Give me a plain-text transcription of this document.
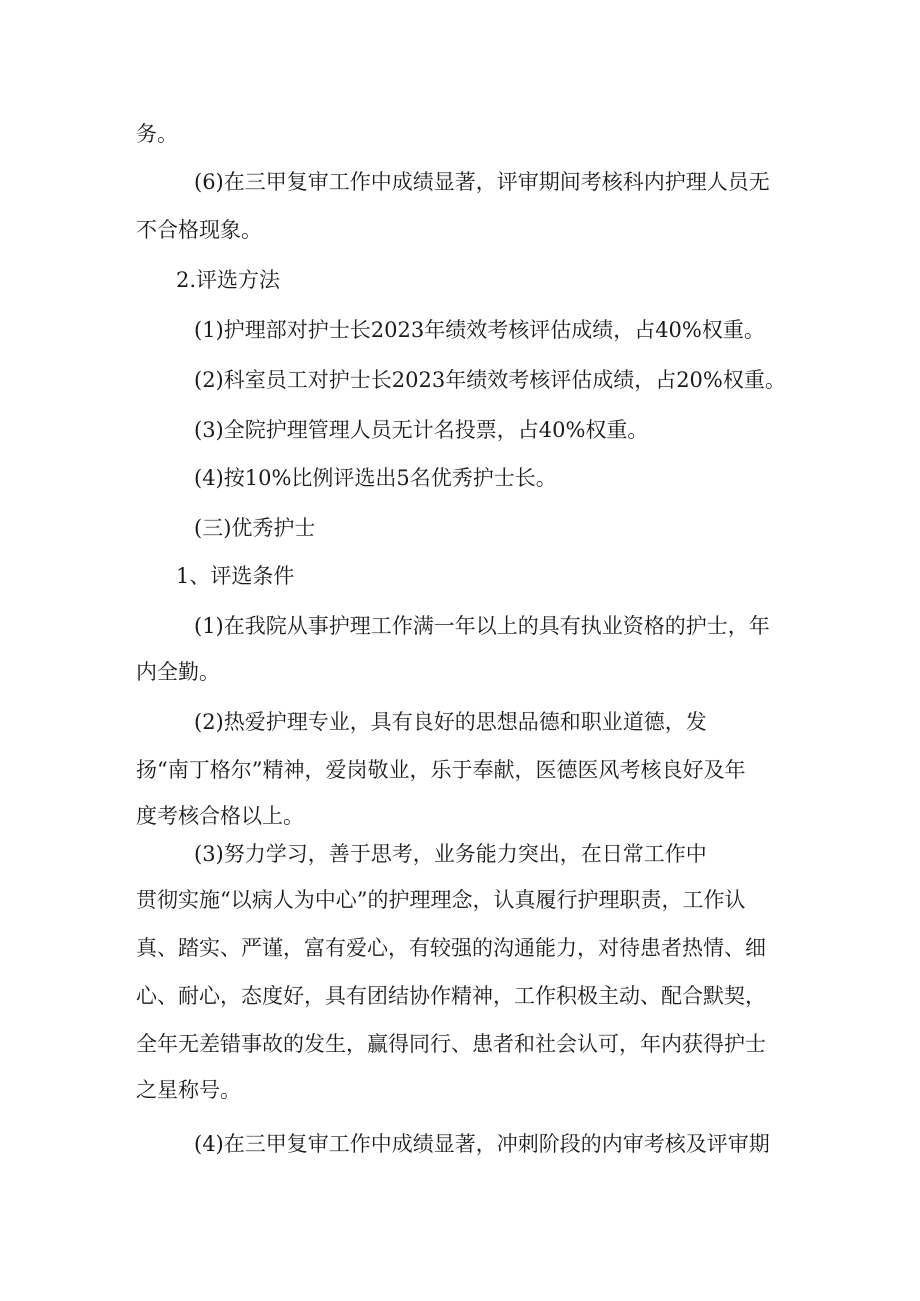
务。
(6)在三甲复审工作中成绩显著，评审期间考核科内护理人员无
不合格现象。
2.评选方法
(1)护理部对护士长2023年绩效考核评估成绩，占40%权重。
(2)科室员工对护士长2023年绩效考核评估成绩，占20%权重。
(3)全院护理管理人员无计名投票，占40%权重。
(4)按10%比例评选出5名优秀护士长。
(三)优秀护士
1、评选条件
(1)在我院从事护理工作满一年以上的具有执业资格的护士，年
内全勤。
(2)热爱护理专业，具有良好的思想品德和职业道德，发
扬“南丁格尔”精神，爱岗敬业，乐于奉献，医德医风考核良好及年
度考核合格以上。
(3)努力学习，善于思考，业务能力突出，在日常工作中
贯彻实施“以病人为中心”的护理理念，认真履行护理职责，工作认
真、踏实、严谨，富有爱心，有较强的沟通能力，对待患者热情、细
心、耐心，态度好，具有团结协作精神，工作积极主动、配合默契，
全年无差错事故的发生，赢得同行、患者和社会认可，年内获得护士
之星称号。
(4)在三甲复审工作中成绩显著，冲刺阶段的内审考核及评审期
